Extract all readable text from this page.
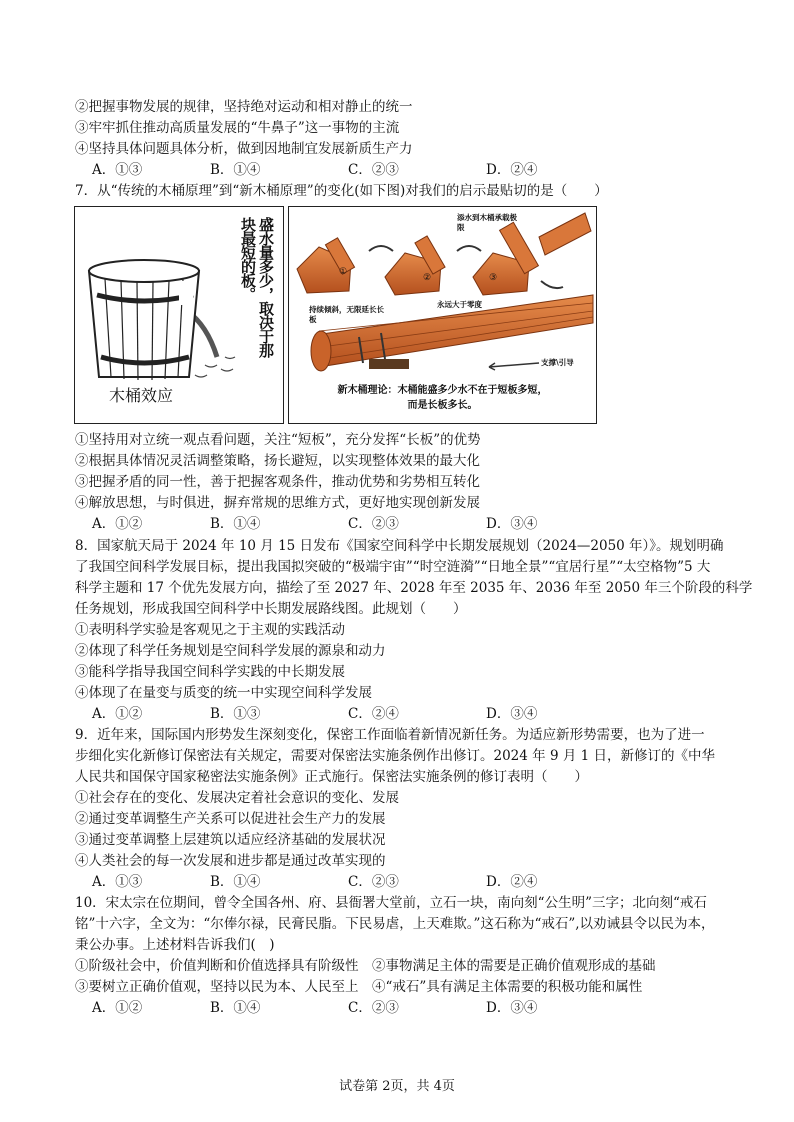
②把握事物发展的规律，坚持绝对运动和相对静止的统一
③牢牢抓住推动高质量发展的“牛鼻子”这一事物的主流
④坚持具体问题具体分析，做到因地制宜发展新质生产力
A．①③	B．①④	C．②③	D．②④
7．从“传统的木桶原理”到“新木桶原理”的变化(如下图)对我们的启示最贴切的是（　　）
盛水量多少，取决于那块最短的板。
木桶效应
①
②	③
添水到木桶承载极限
持续倾斜，无限延长长板
永远大于零度
支撑\引导
新木桶理论：木桶能盛多少水不在于短板多短，
而是长板多长。
①坚持用对立统一观点看问题，关注“短板”，充分发挥“长板”的优势
②根据具体情况灵活调整策略，扬长避短，以实现整体效果的最大化
③把握矛盾的同一性，善于把握客观条件，推动优势和劣势相互转化
④解放思想，与时俱进，摒弃常规的思维方式，更好地实现创新发展
A．①②	B．①④	C．②③	D．③④
8．国家航天局于 2024 年 10 月 15 日发布《国家空间科学中长期发展规划（2024—2050 年）》。规划明确
了我国空间科学发展目标，提出我国拟突破的“极端宇宙”“时空涟漪”“日地全景”“宜居行星”“太空格物”5 大
科学主题和 17 个优先发展方向，描绘了至 2027 年、2028 年至 2035 年、2036 年至 2050 年三个阶段的科学
任务规划，形成我国空间科学中长期发展路线图。此规划（　　）
①表明科学实验是客观见之于主观的实践活动
②体现了科学任务规划是空间科学发展的源泉和动力
③能科学指导我国空间科学实践的中长期发展
④体现了在量变与质变的统一中实现空间科学发展
A．①②	B．①③	C．②④	D．③④
9．近年来，国际国内形势发生深刻变化，保密工作面临着新情况新任务。为适应新形势需要，也为了进一
步细化实化新修订保密法有关规定，需要对保密法实施条例作出修订。2024 年 9 月 1 日，新修订的《中华
人民共和国保守国家秘密法实施条例》正式施行。保密法实施条例的修订表明（　　）
①社会存在的变化、发展决定着社会意识的变化、发展
②通过变革调整生产关系可以促进社会生产力的发展
③通过变革调整上层建筑以适应经济基础的发展状况
④人类社会的每一次发展和进步都是通过改革实现的
A．①③	B．①④	C．②③	D．②④
10．宋太宗在位期间，曾令全国各州、府、县衙署大堂前，立石一块，南向刻“公生明”三字；北向刻“戒石
铭”十六字，全文为：“尔俸尔禄，民膏民脂。下民易虐，上天难欺。”这石称为“戒石”,以劝诫县令以民为本，
秉公办事。上述材料告诉我们(　)
①阶级社会中，价值判断和价值选择具有阶级性　②事物满足主体的需要是正确价值观形成的基础
③要树立正确价值观，坚持以民为本、人民至上　④“戒石”具有满足主体需要的积极功能和属性
A．①②	B．①④	C．②③	D．③④
试卷第 2页，共 4页
